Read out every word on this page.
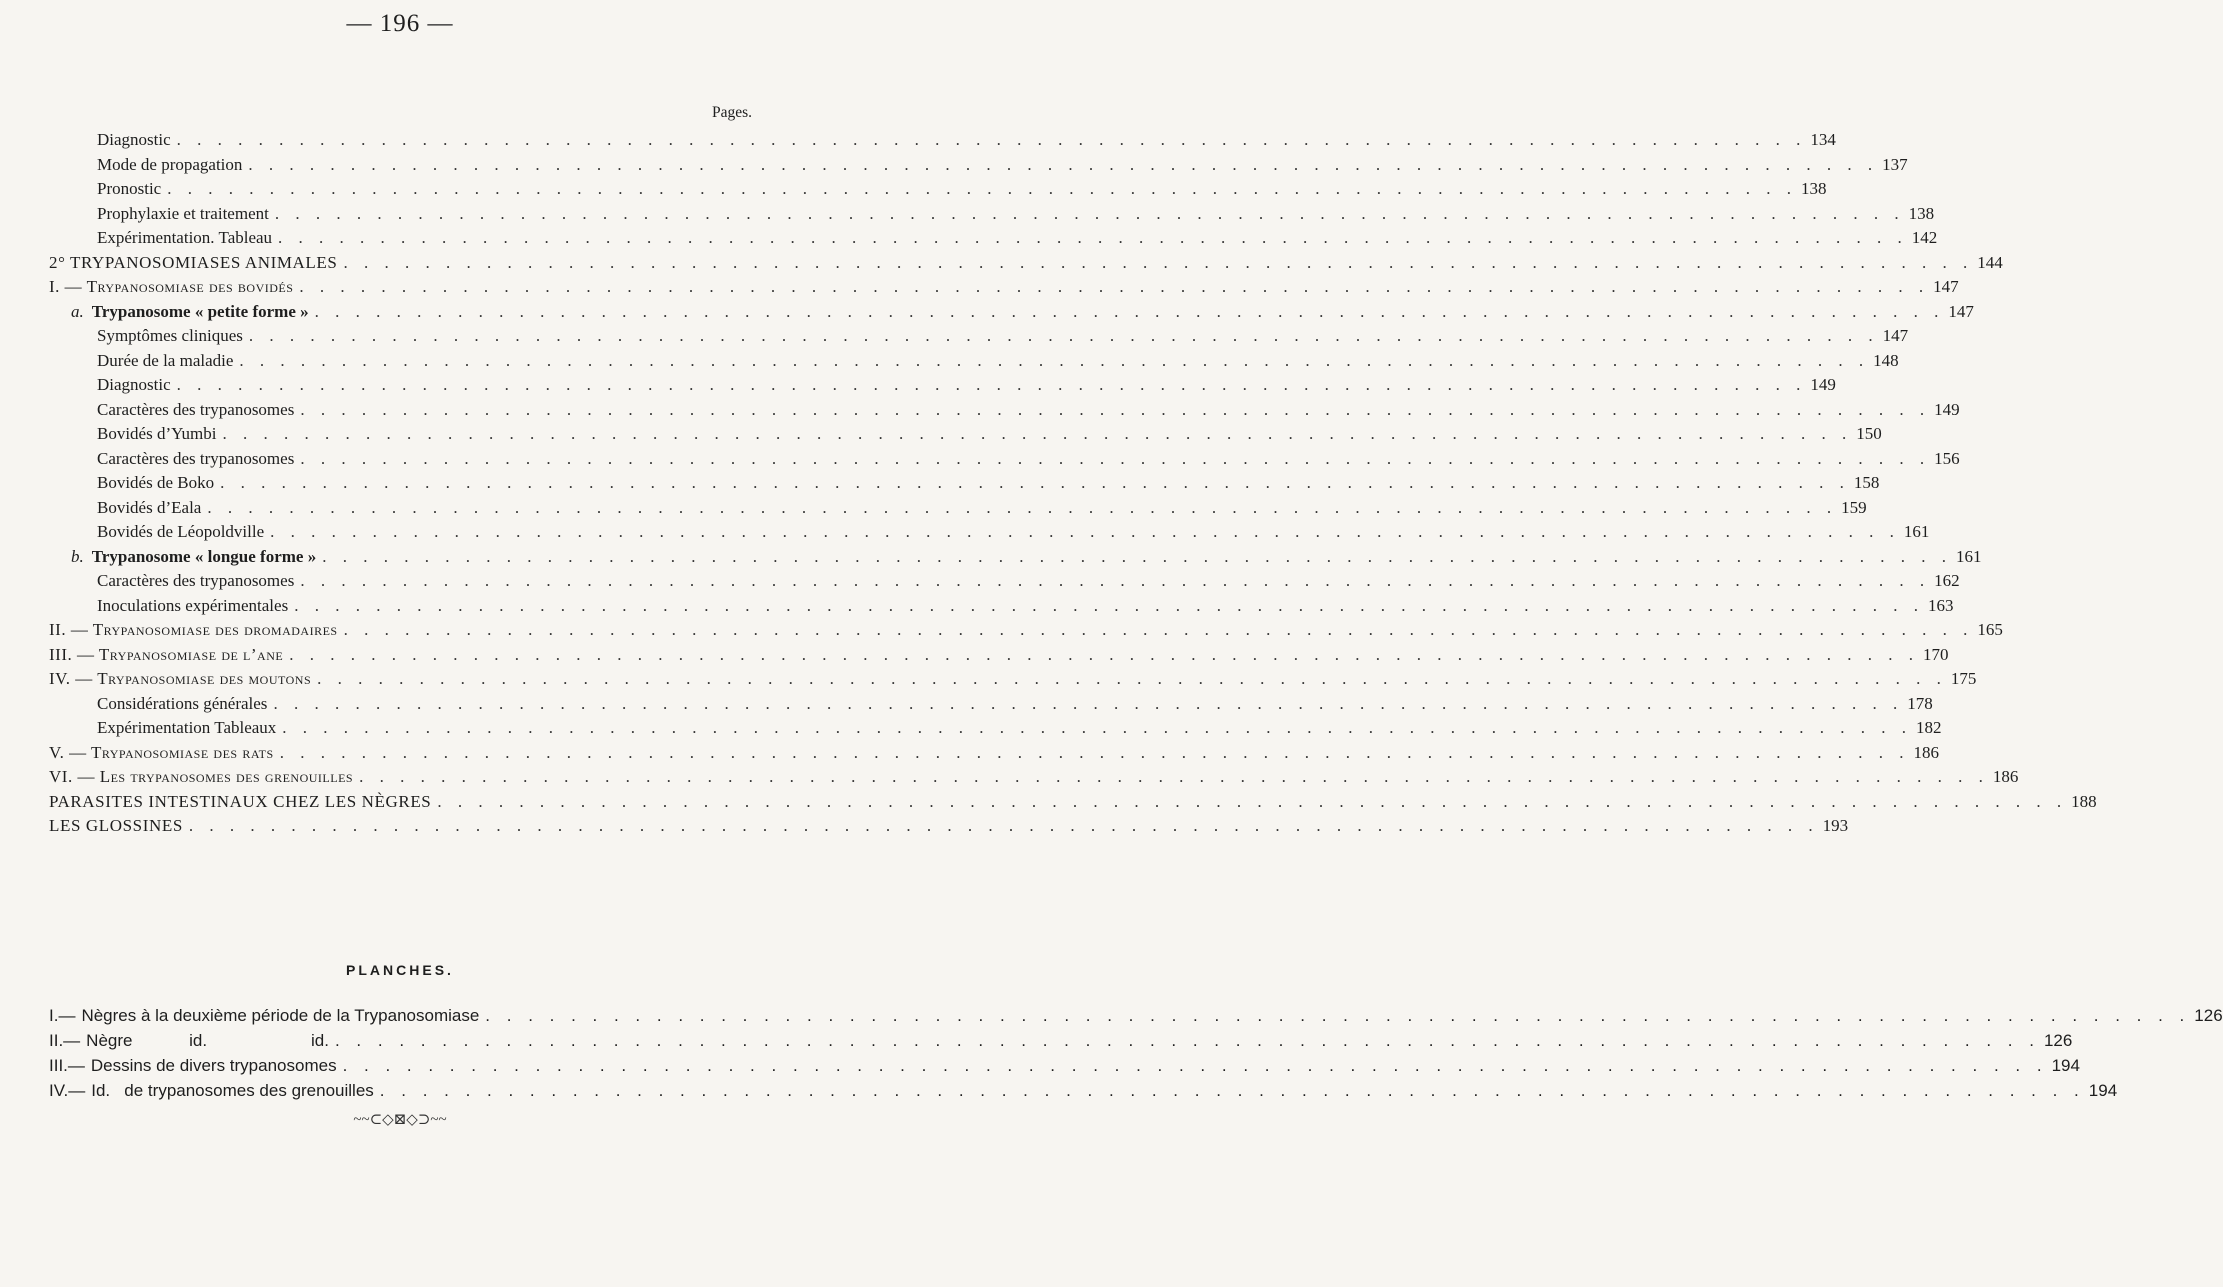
— 196 —
Pages.
Diagnostic . . . . . . . . . . . . . . . . . . . . . . . . . . . . . . . . . . . . . . . . . . . . . . . . . . . . . . . . . . . . . . . . . . . . . . . . . . . . . . . . 134
Mode de propagation . . . . . . . . . . . . . . . . . . . . . . . . . . . . . . . . . . . . . . . . . . . . . . . . . . . . . . . . . . . . . . . . . . . . . . . . . . . . . . . . 137
Pronostic . . . . . . . . . . . . . . . . . . . . . . . . . . . . . . . . . . . . . . . . . . . . . . . . . . . . . . . . . . . . . . . . . . . . . . . . . . . . . . . . 138
Prophylaxie et traitement . . . . . . . . . . . . . . . . . . . . . . . . . . . . . . . . . . . . . . . . . . . . . . . . . . . . . . . . . . . . . . . . . . . . . . . . . . . . . . . . 138
Expérimentation. Tableau . . . . . . . . . . . . . . . . . . . . . . . . . . . . . . . . . . . . . . . . . . . . . . . . . . . . . . . . . . . . . . . . . . . . . . . . . . . . . . . . 142
2° TRYPANOSOMIASES ANIMALES . . . . . . . . . . . . . . . . . . . . . . . . . . . . . . . . . . . . . . . . . . . . . . . . . . . . . . . . . . . . . . . . . . . . . . . . . . . . . . . . 144
I. — Trypanosomiase des bovidés . . . . . . . . . . . . . . . . . . . . . . . . . . . . . . . . . . . . . . . . . . . . . . . . . . . . . . . . . . . . . . . . . . . . . . . . . . . . . . . . 147
a. Trypanosome « petite forme » . . . . . . . . . . . . . . . . . . . . . . . . . . . . . . . . . . . . . . . . . . . . . . . . . . . . . . . . . . . . . . . . . . . . . . . . . . . . . . . . 147
Symptômes cliniques . . . . . . . . . . . . . . . . . . . . . . . . . . . . . . . . . . . . . . . . . . . . . . . . . . . . . . . . . . . . . . . . . . . . . . . . . . . . . . . . 147
Durée de la maladie . . . . . . . . . . . . . . . . . . . . . . . . . . . . . . . . . . . . . . . . . . . . . . . . . . . . . . . . . . . . . . . . . . . . . . . . . . . . . . . . 148
Diagnostic . . . . . . . . . . . . . . . . . . . . . . . . . . . . . . . . . . . . . . . . . . . . . . . . . . . . . . . . . . . . . . . . . . . . . . . . . . . . . . . . 149
Caractères des trypanosomes . . . . . . . . . . . . . . . . . . . . . . . . . . . . . . . . . . . . . . . . . . . . . . . . . . . . . . . . . . . . . . . . . . . . . . . . . . . . . . . . 149
Bovidés d’Yumbi . . . . . . . . . . . . . . . . . . . . . . . . . . . . . . . . . . . . . . . . . . . . . . . . . . . . . . . . . . . . . . . . . . . . . . . . . . . . . . . . 150
Caractères des trypanosomes . . . . . . . . . . . . . . . . . . . . . . . . . . . . . . . . . . . . . . . . . . . . . . . . . . . . . . . . . . . . . . . . . . . . . . . . . . . . . . . . 156
Bovidés de Boko . . . . . . . . . . . . . . . . . . . . . . . . . . . . . . . . . . . . . . . . . . . . . . . . . . . . . . . . . . . . . . . . . . . . . . . . . . . . . . . . 158
Bovidés d’Eala . . . . . . . . . . . . . . . . . . . . . . . . . . . . . . . . . . . . . . . . . . . . . . . . . . . . . . . . . . . . . . . . . . . . . . . . . . . . . . . . 159
Bovidés de Léopoldville . . . . . . . . . . . . . . . . . . . . . . . . . . . . . . . . . . . . . . . . . . . . . . . . . . . . . . . . . . . . . . . . . . . . . . . . . . . . . . . . 161
b. Trypanosome « longue forme » . . . . . . . . . . . . . . . . . . . . . . . . . . . . . . . . . . . . . . . . . . . . . . . . . . . . . . . . . . . . . . . . . . . . . . . . . . . . . . . . 161
Caractères des trypanosomes . . . . . . . . . . . . . . . . . . . . . . . . . . . . . . . . . . . . . . . . . . . . . . . . . . . . . . . . . . . . . . . . . . . . . . . . . . . . . . . . 162
Inoculations expérimentales . . . . . . . . . . . . . . . . . . . . . . . . . . . . . . . . . . . . . . . . . . . . . . . . . . . . . . . . . . . . . . . . . . . . . . . . . . . . . . . . 163
II. — Trypanosomiase des dromadaires . . . . . . . . . . . . . . . . . . . . . . . . . . . . . . . . . . . . . . . . . . . . . . . . . . . . . . . . . . . . . . . . . . . . . . . . . . . . . . . . 165
III. — Trypanosomiase de l’ane . . . . . . . . . . . . . . . . . . . . . . . . . . . . . . . . . . . . . . . . . . . . . . . . . . . . . . . . . . . . . . . . . . . . . . . . . . . . . . . . 170
IV. — Trypanosomiase des moutons . . . . . . . . . . . . . . . . . . . . . . . . . . . . . . . . . . . . . . . . . . . . . . . . . . . . . . . . . . . . . . . . . . . . . . . . . . . . . . . . 175
Considérations générales . . . . . . . . . . . . . . . . . . . . . . . . . . . . . . . . . . . . . . . . . . . . . . . . . . . . . . . . . . . . . . . . . . . . . . . . . . . . . . . . 178
Expérimentation Tableaux . . . . . . . . . . . . . . . . . . . . . . . . . . . . . . . . . . . . . . . . . . . . . . . . . . . . . . . . . . . . . . . . . . . . . . . . . . . . . . . . 182
V. — Trypanosomiase des rats . . . . . . . . . . . . . . . . . . . . . . . . . . . . . . . . . . . . . . . . . . . . . . . . . . . . . . . . . . . . . . . . . . . . . . . . . . . . . . . . 186
VI. — Les trypanosomes des grenouilles . . . . . . . . . . . . . . . . . . . . . . . . . . . . . . . . . . . . . . . . . . . . . . . . . . . . . . . . . . . . . . . . . . . . . . . . . . . . . . . . 186
PARASITES INTESTINAUX CHEZ LES NÈGRES . . . . . . . . . . . . . . . . . . . . . . . . . . . . . . . . . . . . . . . . . . . . . . . . . . . . . . . . . . . . . . . . . . . . . . . . . . . . . . . . 188
LES GLOSSINES . . . . . . . . . . . . . . . . . . . . . . . . . . . . . . . . . . . . . . . . . . . . . . . . . . . . . . . . . . . . . . . . . . . . . . . . . . . . . . . . 193
PLANCHES.
I. — Nègres à la deuxième période de la Trypanosomiase . . . . . . . . . . . . . . . . . . . . . . . . . . . . . . . . . . . . . . . . . . . . . . . . . . . . . . . . . . . . . . . . . . . . . . . . . . . . . . . . 126
II. — Nègre            id.                      id. . . . . . . . . . . . . . . . . . . . . . . . . . . . . . . . . . . . . . . . . . . . . . . . . . . . . . . . . . . . . . . . . . . . . . . . . . . . . . . . . 126
III. — Dessins de divers trypanosomes . . . . . . . . . . . . . . . . . . . . . . . . . . . . . . . . . . . . . . . . . . . . . . . . . . . . . . . . . . . . . . . . . . . . . . . . . . . . . . . . 194
IV. — Id.   de trypanosomes des grenouilles . . . . . . . . . . . . . . . . . . . . . . . . . . . . . . . . . . . . . . . . . . . . . . . . . . . . . . . . . . . . . . . . . . . . . . . . . . . . . . . . 194
~~⊂◇⊠◇⊃~~
